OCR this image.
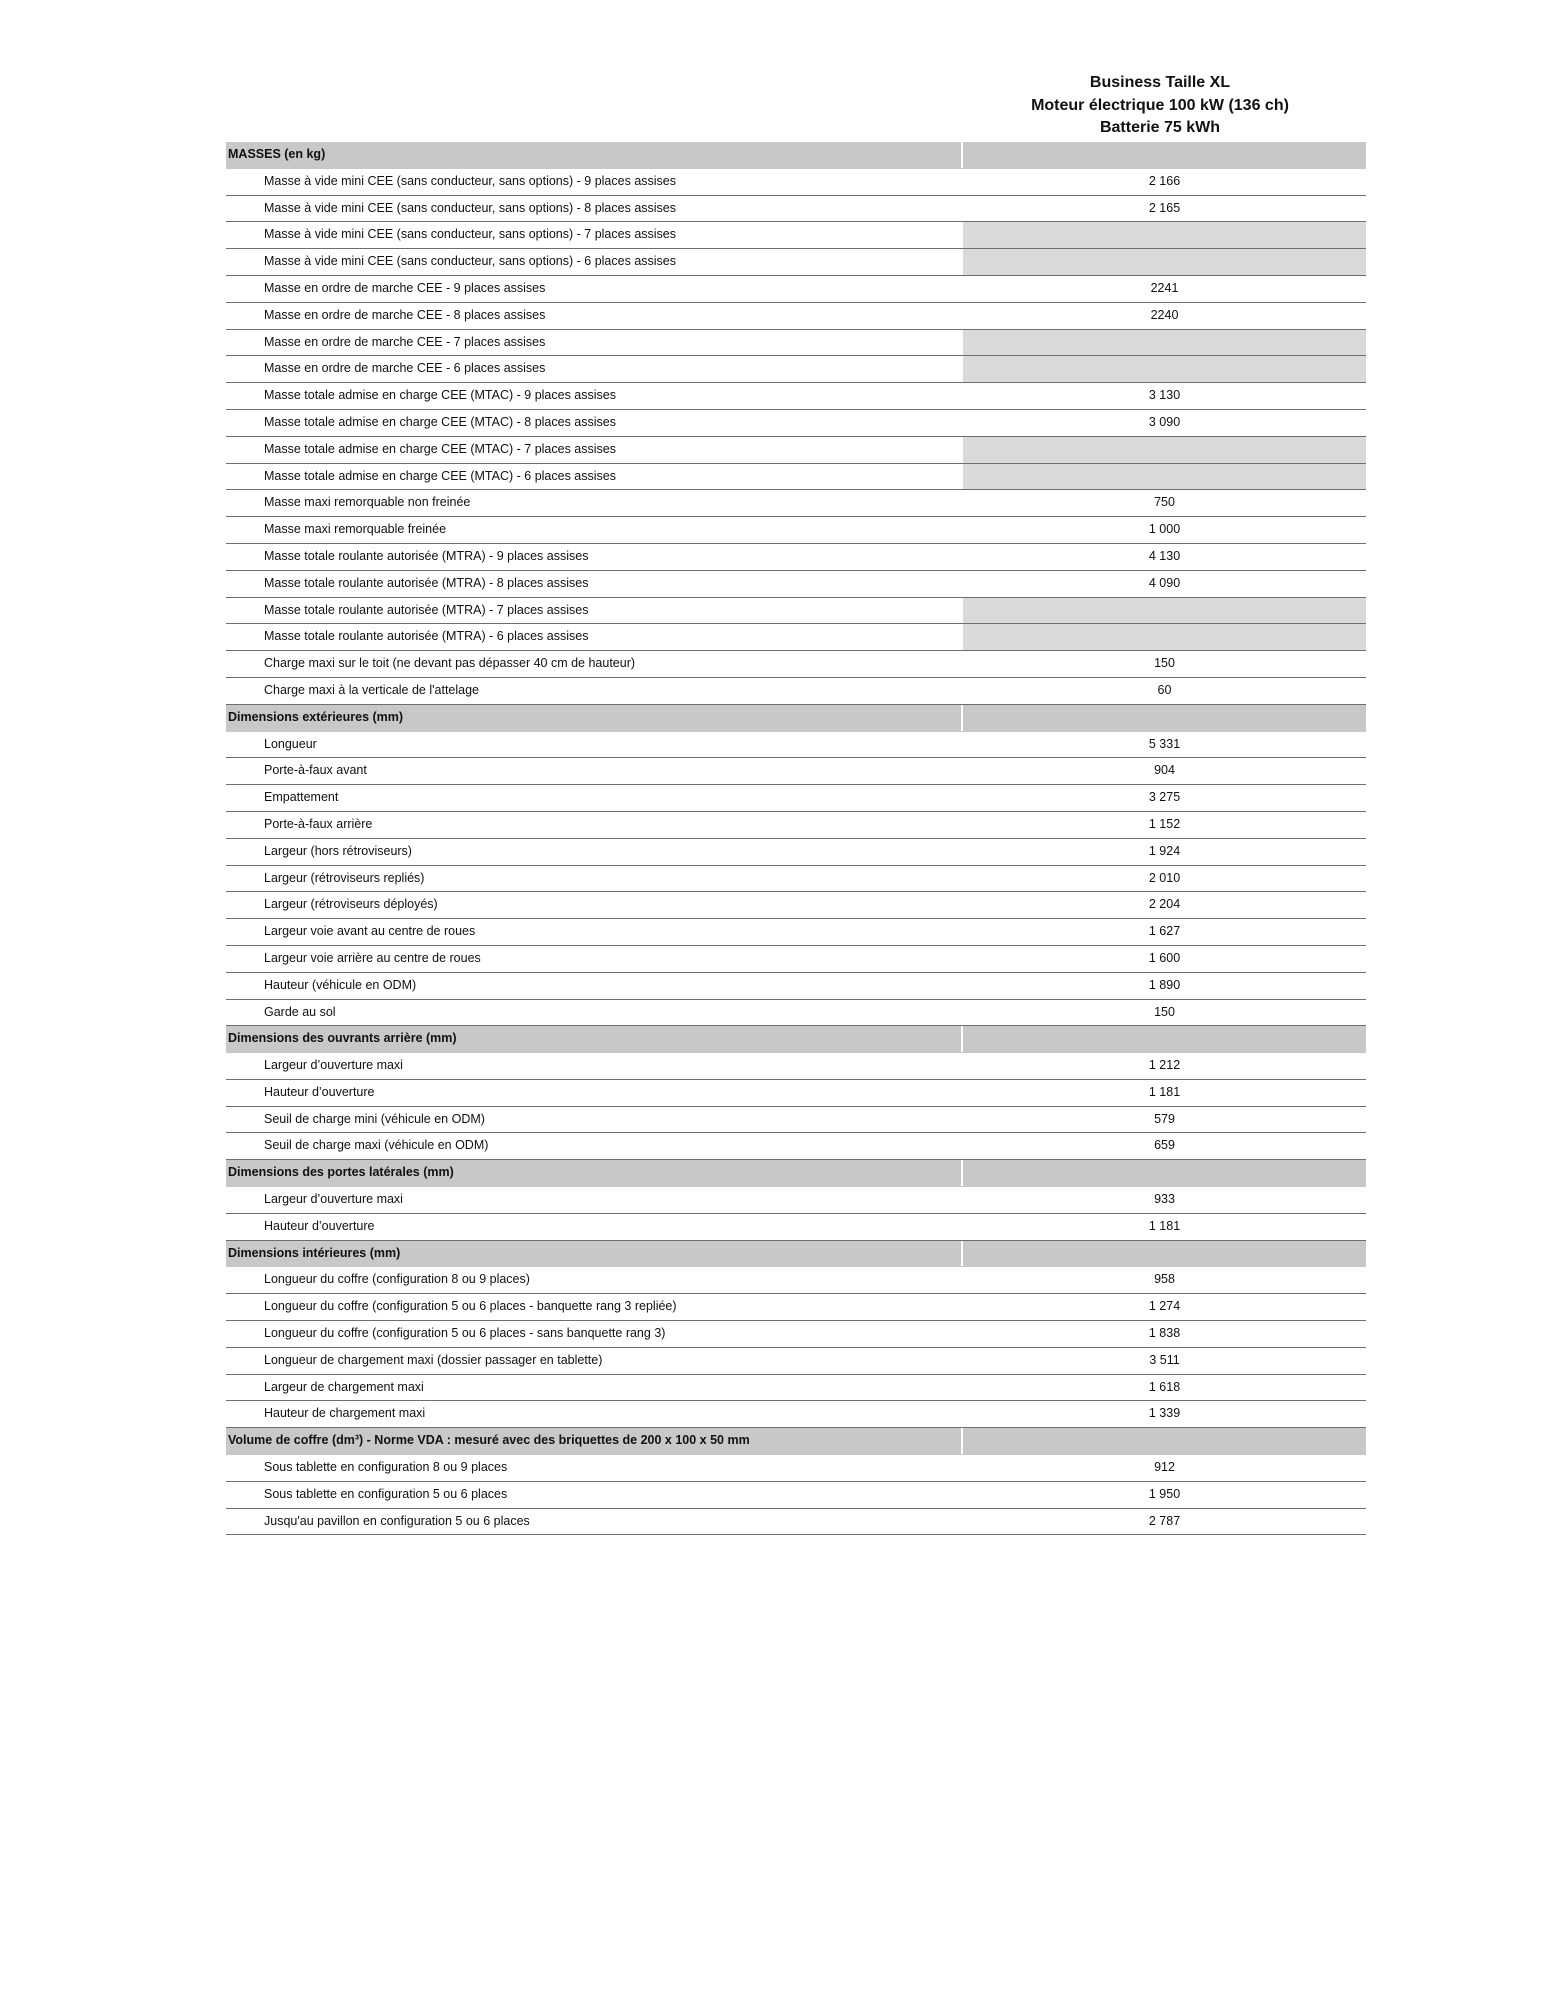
Business Taille XL
Moteur électrique 100 kW (136 ch)
Batterie 75 kWh
MASSES (en kg)
Masse à vide mini CEE (sans conducteur, sans options) - 9 places assises	2 166
Masse à vide mini CEE (sans conducteur, sans options) - 8 places assises	2 165
Masse à vide mini CEE (sans conducteur, sans options) - 7 places assises
Masse à vide mini CEE (sans conducteur, sans options) - 6 places assises
Masse en ordre de marche CEE - 9 places assises	2241
Masse en ordre de marche CEE - 8 places assises	2240
Masse en ordre de marche CEE - 7 places assises
Masse en ordre de marche CEE - 6 places assises
Masse totale admise en charge CEE (MTAC) - 9 places assises	3 130
Masse totale admise en charge CEE (MTAC) - 8 places assises	3 090
Masse totale admise en charge CEE (MTAC) - 7 places assises
Masse totale admise en charge CEE (MTAC) - 6 places assises
Masse maxi remorquable non freinée	750
Masse maxi remorquable freinée	1 000
Masse totale roulante autorisée (MTRA) - 9 places assises	4 130
Masse totale roulante autorisée (MTRA) - 8 places assises	4 090
Masse totale roulante autorisée (MTRA) - 7 places assises
Masse totale roulante autorisée (MTRA) - 6 places assises
Charge maxi sur le toit (ne devant pas dépasser 40 cm de hauteur)	150
Charge maxi à la verticale de l'attelage	60
Dimensions extérieures (mm)
Longueur	5 331
Porte-à-faux avant	904
Empattement	3 275
Porte-à-faux arrière	1 152
Largeur (hors rétroviseurs)	1 924
Largeur (rétroviseurs repliés)	2 010
Largeur (rétroviseurs déployés)	2 204
Largeur voie avant au centre de roues	1 627
Largeur voie arrière au centre de roues	1 600
Hauteur (véhicule en ODM)	1 890
Garde au sol	150
Dimensions des ouvrants arrière (mm)
Largeur d’ouverture maxi	1 212
Hauteur d’ouverture	1 181
Seuil de charge mini (véhicule en ODM)	579
Seuil de charge maxi (véhicule en ODM)	659
Dimensions des portes latérales (mm)
Largeur d’ouverture maxi	933
Hauteur d’ouverture	1 181
Dimensions intérieures (mm)
Longueur du coffre (configuration 8 ou 9 places)	958
Longueur du coffre (configuration 5 ou 6 places - banquette rang 3 repliée)	1 274
Longueur du coffre (configuration 5 ou 6 places - sans banquette rang 3)	1 838
Longueur de chargement maxi (dossier passager en tablette)	3 511
Largeur de chargement maxi	1 618
Hauteur de chargement maxi	1 339
Volume de coffre (dm³) - Norme VDA : mesuré avec des briquettes de 200 x 100 x 50 mm
Sous tablette en configuration 8 ou 9 places	912
Sous tablette en configuration 5 ou 6 places	1 950
Jusqu'au pavillon en configuration 5 ou 6 places	2 787
